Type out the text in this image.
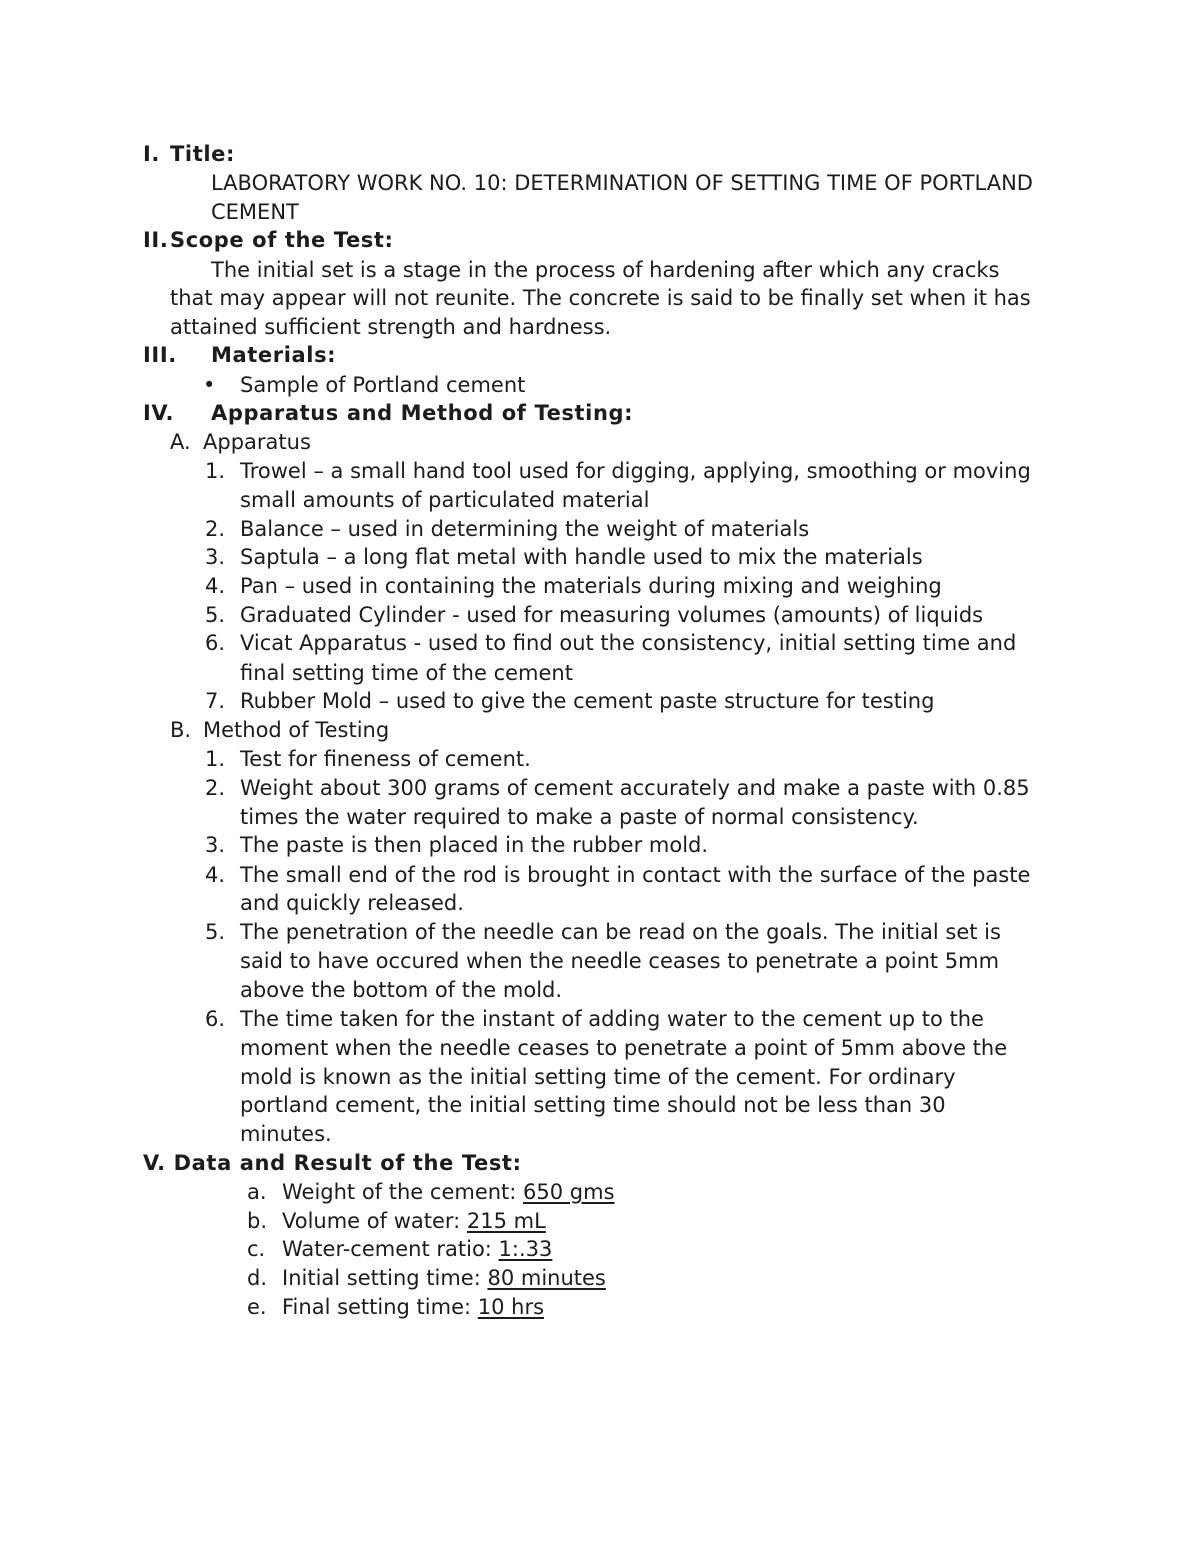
I. Title:
LABORATORY WORK NO. 10: DETERMINATION OF SETTING TIME OF PORTLAND
CEMENT
II. Scope of the Test:
The initial set is a stage in the process of hardening after which any cracks
that may appear will not reunite. The concrete is said to be finally set when it has
attained sufficient strength and hardness.
III. Materials:
• Sample of Portland cement
IV. Apparatus and Method of Testing:
A. Apparatus
1. Trowel – a small hand tool used for digging, applying, smoothing or moving
small amounts of particulated material
2. Balance – used in determining the weight of materials
3. Saptula – a long flat metal with handle used to mix the materials
4. Pan – used in containing the materials during mixing and weighing
5. Graduated Cylinder - used for measuring volumes (amounts) of liquids
6. Vicat Apparatus - used to find out the consistency, initial setting time and
final setting time of the cement
7. Rubber Mold – used to give the cement paste structure for testing
B. Method of Testing
1. Test for fineness of cement.
2. Weight about 300 grams of cement accurately and make a paste with 0.85
times the water required to make a paste of normal consistency.
3. The paste is then placed in the rubber mold.
4. The small end of the rod is brought in contact with the surface of the paste
and quickly released.
5. The penetration of the needle can be read on the goals. The initial set is
said to have occured when the needle ceases to penetrate a point 5mm
above the bottom of the mold.
6. The time taken for the instant of adding water to the cement up to the
moment when the needle ceases to penetrate a point of 5mm above the
mold is known as the initial setting time of the cement. For ordinary
portland cement, the initial setting time should not be less than 30
minutes.
V. Data and Result of the Test:
a. Weight of the cement: 650 gms
b. Volume of water: 215 mL
c. Water-cement ratio: 1:.33
d. Initial setting time: 80 minutes
e. Final setting time: 10 hrs
